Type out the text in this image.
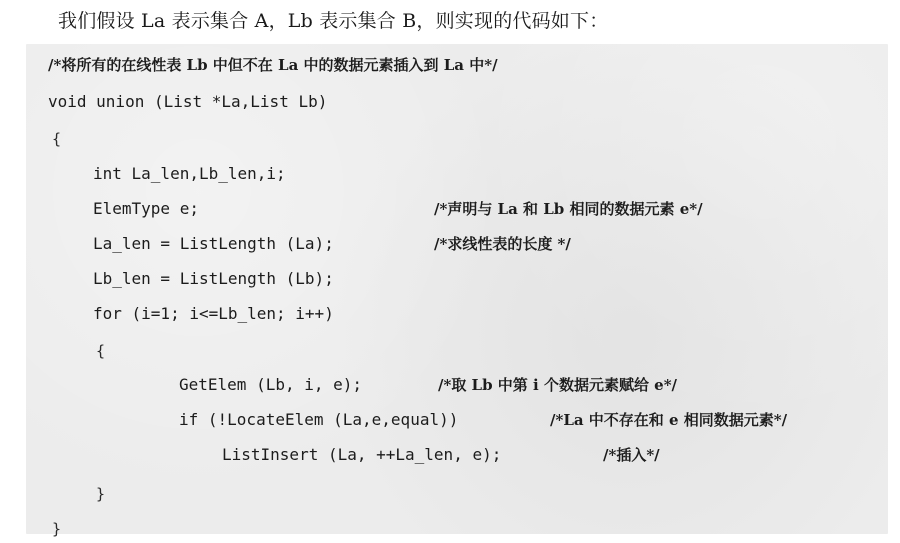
我们假设 La 表示集合 A，Lb 表示集合 B，则实现的代码如下：
/*将所有的在线性表 Lb 中但不在 La 中的数据元素插入到 La 中*/
void union (List *La,List Lb)
{
int La_len,Lb_len,i;
ElemType e;	/*声明与 La 和 Lb 相同的数据元素 e*/
La_len = ListLength (La);	/*求线性表的长度 */
Lb_len = ListLength (Lb);
for (i=1; i<=Lb_len; i++)
{
GetElem (Lb, i, e);	/*取 Lb 中第 i 个数据元素赋给 e*/
if (!LocateElem (La,e,equal))	/*La 中不存在和 e 相同数据元素*/
ListInsert (La, ++La_len, e);	/*插入*/
}
}
